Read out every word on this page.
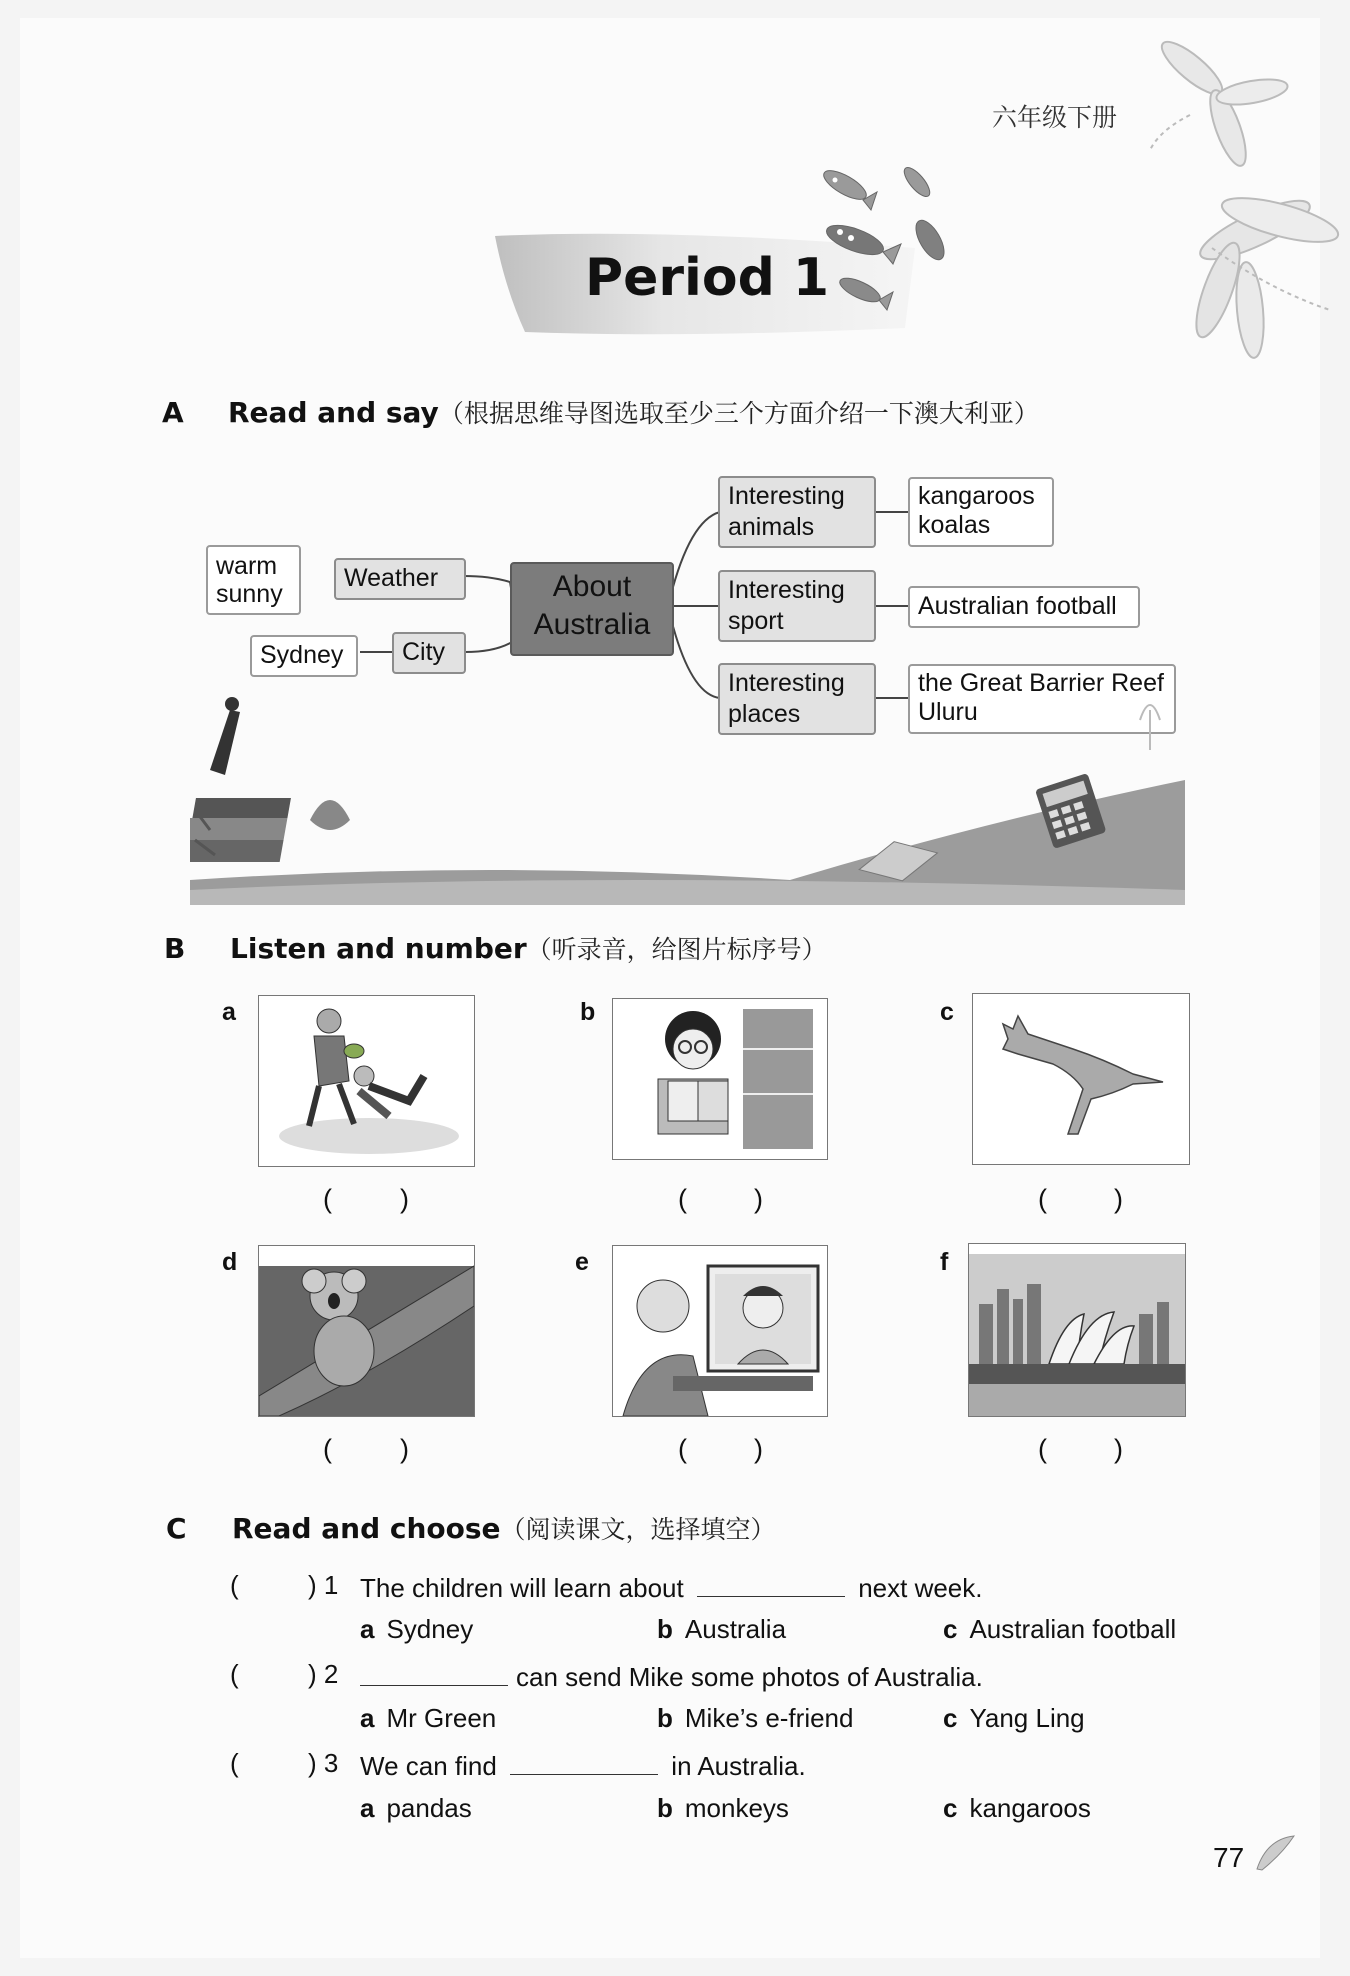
六年级下册
Period 1
A Read and say（根据思维导图选取至少三个方面介绍一下澳大利亚）
warm
sunny
Weather
Sydney	City
About
Australia
Interesting
animals
kangaroos
koalas
Interesting
sport
Australian football
Interesting
places
the Great Barrier Reef
Uluru
B Listen and number（听录音，给图片标序号）
a
(	)
b
( )
c
( )
d
(	)
e
( )
f
( )
C Read and choose（阅读课文，选择填空）
(	) 1 The children will learn about	next week.
a Sydney	b Australia	c Australian football
(	) 2	can send Mike some photos of Australia.
a Mr Green	b Mike’s e-friend	c Yang Ling
(	) 3 We can find	in Australia.
a pandas	b monkeys	c kangaroos
77
